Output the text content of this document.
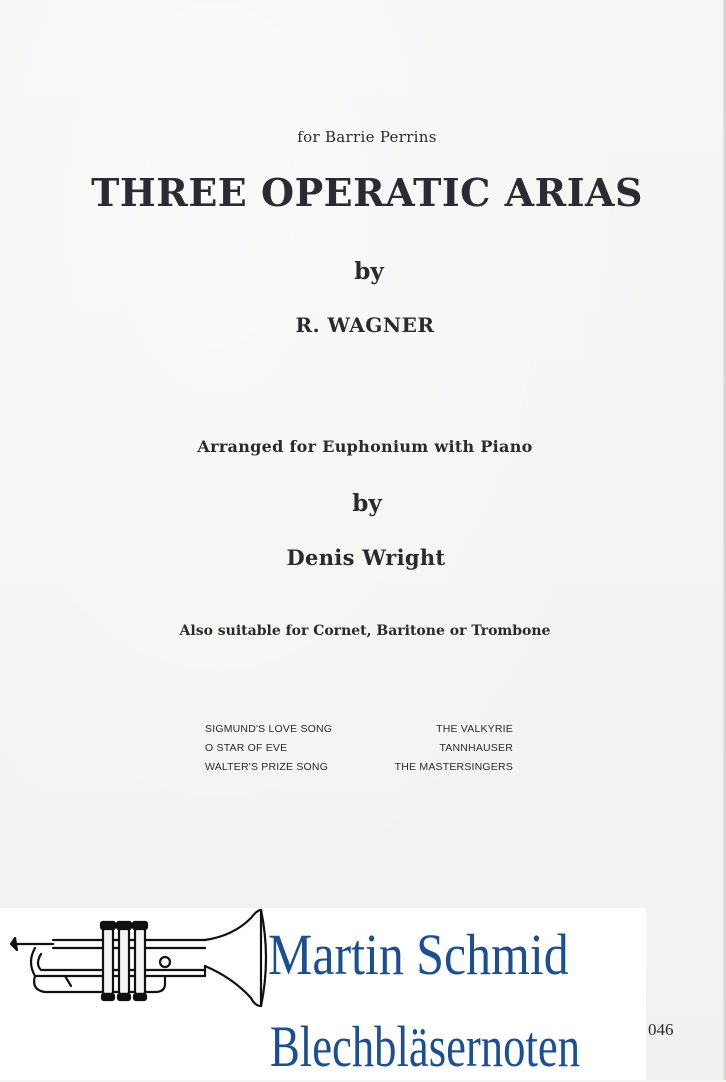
for Barrie Perrins
THREE OPERATIC ARIAS
by
R. WAGNER
Arranged for Euphonium with Piano
by
Denis Wright
Also suitable for Cornet, Baritone or Trombone
SIGMUND'S LOVE SONG	THE VALKYRIE
O STAR OF EVE	TANNHAUSER
WALTER'S PRIZE SONG	THE MASTERSINGERS
Martin Schmid
Blechbläsernoten	046
